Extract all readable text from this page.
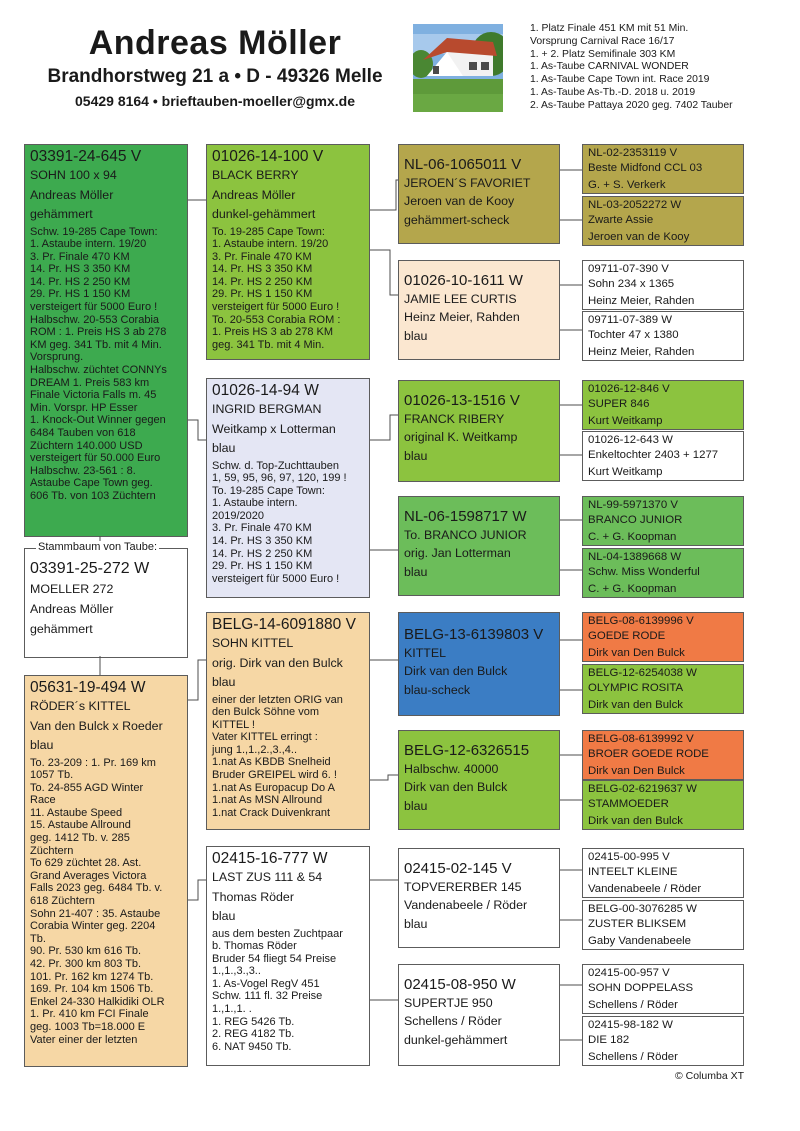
Andreas Möller
Brandhorstweg 21 a • D - 49326 Melle
05429 8164 • brieftauben-moeller@gmx.de
1. Platz Finale 451 KM mit 51 Min.
Vorsprung Carnival Race 16/17
1. + 2. Platz Semifinale 303 KM
1. As-Taube CARNIVAL WONDER
1. As-Taube Cape Town int. Race 2019
1. As-Taube As-Tb.-D. 2018 u. 2019
2. As-Taube Pattaya 2020 geg. 7402 Tauber
03391-24-645 V
SOHN 100 x 94
Andreas Möller
gehämmert
Schw. 19-285 Cape Town:
1. Astaube intern. 19/20
3. Pr. Finale 470 KM
14. Pr. HS 3 350 KM
14. Pr. HS 2 250 KM
29. Pr. HS 1 150 KM
versteigert für 5000 Euro !
Halbschw. 20-553 Corabia
ROM : 1. Preis HS 3 ab 278
KM geg. 341 Tb. mit 4 Min.
Vorsprung.
Halbschw. züchtet CONNYs
DREAM 1. Preis 583 km
Finale Victoria Falls m. 45
Min. Vorspr. HP Esser
1. Knock-Out Winner gegen
6484 Tauben von 618
Züchtern 140.000 USD
versteigert für 50.000 Euro
Halbschw. 23-561 : 8.
Astaube Cape Town geg.
606 Tb. von 103 Züchtern
Stammbaum von Taube:
03391-25-272 W
MOELLER 272
Andreas Möller
gehämmert
05631-19-494 W
RÖDER´s KITTEL
Van den Bulck x Roeder
blau
To. 23-209 : 1. Pr. 169 km
1057 Tb.
To. 24-855 AGD Winter
Race
11. Astaube Speed
15. Astaube Allround
geg. 1412 Tb. v. 285
Züchtern
To 629 züchtet 28. Ast.
Grand Averages Victora
Falls 2023 geg. 6484 Tb. v.
618 Züchtern
Sohn 21-407 : 35. Astaube
Corabia Winter geg. 2204
Tb.
90. Pr. 530 km 616 Tb.
42. Pr. 300 km 803 Tb.
101. Pr. 162 km 1274 Tb.
169. Pr. 104 km 1506 Tb.
Enkel 24-330 Halkidiki OLR
1. Pr. 410 km FCI Finale
geg. 1003 Tb=18.000 E
Vater einer der letzten
01026-14-100 V
BLACK BERRY
Andreas Möller
dunkel-gehämmert
To. 19-285 Cape Town:
1. Astaube intern. 19/20
3. Pr. Finale 470 KM
14. Pr. HS 3 350 KM
14. Pr. HS 2 250 KM
29. Pr. HS 1 150 KM
versteigert für 5000 Euro !
To. 20-553 Corabia ROM :
1. Preis HS 3 ab 278 KM
geg. 341 Tb. mit 4 Min.
01026-14-94 W
INGRID BERGMAN
Weitkamp x Lotterman
blau
Schw. d. Top-Zuchttauben
1, 59, 95, 96, 97, 120, 199 !
To. 19-285 Cape Town:
1. Astaube intern.
2019/2020
3. Pr. Finale 470 KM
14. Pr. HS 3 350 KM
14. Pr. HS 2 250 KM
29. Pr. HS 1 150 KM
versteigert für 5000 Euro !
BELG-14-6091880 V
SOHN KITTEL
orig. Dirk van den Bulck
blau
einer der letzten ORIG van
den Bulck Söhne vom
KITTEL !
Vater KITTEL erringt :
jung 1.,1.,2.,3.,4..
1.nat As KBDB Snelheid
Bruder GREIPEL wird 6. !
1.nat As Europacup Do A
1.nat As MSN Allround
1.nat Crack Duivenkrant
02415-16-777 W
LAST ZUS 111 & 54
Thomas Röder
blau
aus dem besten Zuchtpaar
b. Thomas Röder
Bruder 54 fliegt 54 Preise
1.,1.,3.,3..
1. As-Vogel RegV 451
Schw. 111 fl. 32 Preise
1.,1.,1. .
1. REG 5426 Tb.
2. REG 4182 Tb.
6. NAT 9450 Tb.
NL-06-1065011 V
JEROEN´S FAVORIET
Jeroen van de Kooy
gehämmert-scheck
01026-10-1611 W
JAMIE LEE CURTIS
Heinz Meier, Rahden
blau
01026-13-1516 V
FRANCK RIBERY
original K. Weitkamp
blau
NL-06-1598717 W
To. BRANCO JUNIOR
orig. Jan Lotterman
blau
BELG-13-6139803 V
KITTEL
Dirk van den Bulck
blau-scheck
BELG-12-6326515
Halbschw. 40000
Dirk van den Bulck
blau
02415-02-145 V
TOPVERERBER 145
Vandenabeele / Röder
blau
02415-08-950 W
SUPERTJE 950
Schellens / Röder
dunkel-gehämmert
NL-02-2353119 V
Beste Midfond CCL 03
G. + S. Verkerk
NL-03-2052272 W
Zwarte Assie
Jeroen van de Kooy
09711-07-390 V
Sohn 234 x 1365
Heinz Meier, Rahden
09711-07-389 W
Tochter 47 x 1380
Heinz Meier, Rahden
01026-12-846 V
SUPER 846
Kurt Weitkamp
01026-12-643 W
Enkeltochter 2403 + 1277
Kurt Weitkamp
NL-99-5971370 V
BRANCO JUNIOR
C. + G. Koopman
NL-04-1389668 W
Schw. Miss Wonderful
C. + G. Koopman
BELG-08-6139996 V
GOEDE RODE
Dirk van Den Bulck
BELG-12-6254038 W
OLYMPIC ROSITA
Dirk van den Bulck
BELG-08-6139992 V
BROER GOEDE RODE
Dirk van Den Bulck
BELG-02-6219637 W
STAMMOEDER
Dirk van den Bulck
02415-00-995 V
INTEELT KLEINE
Vandenabeele / Röder
BELG-00-3076285 W
ZUSTER BLIKSEM
Gaby Vandenabeele
02415-00-957 V
SOHN DOPPELASS
Schellens / Röder
02415-98-182 W
DIE 182
Schellens / Röder
© Columba XT
